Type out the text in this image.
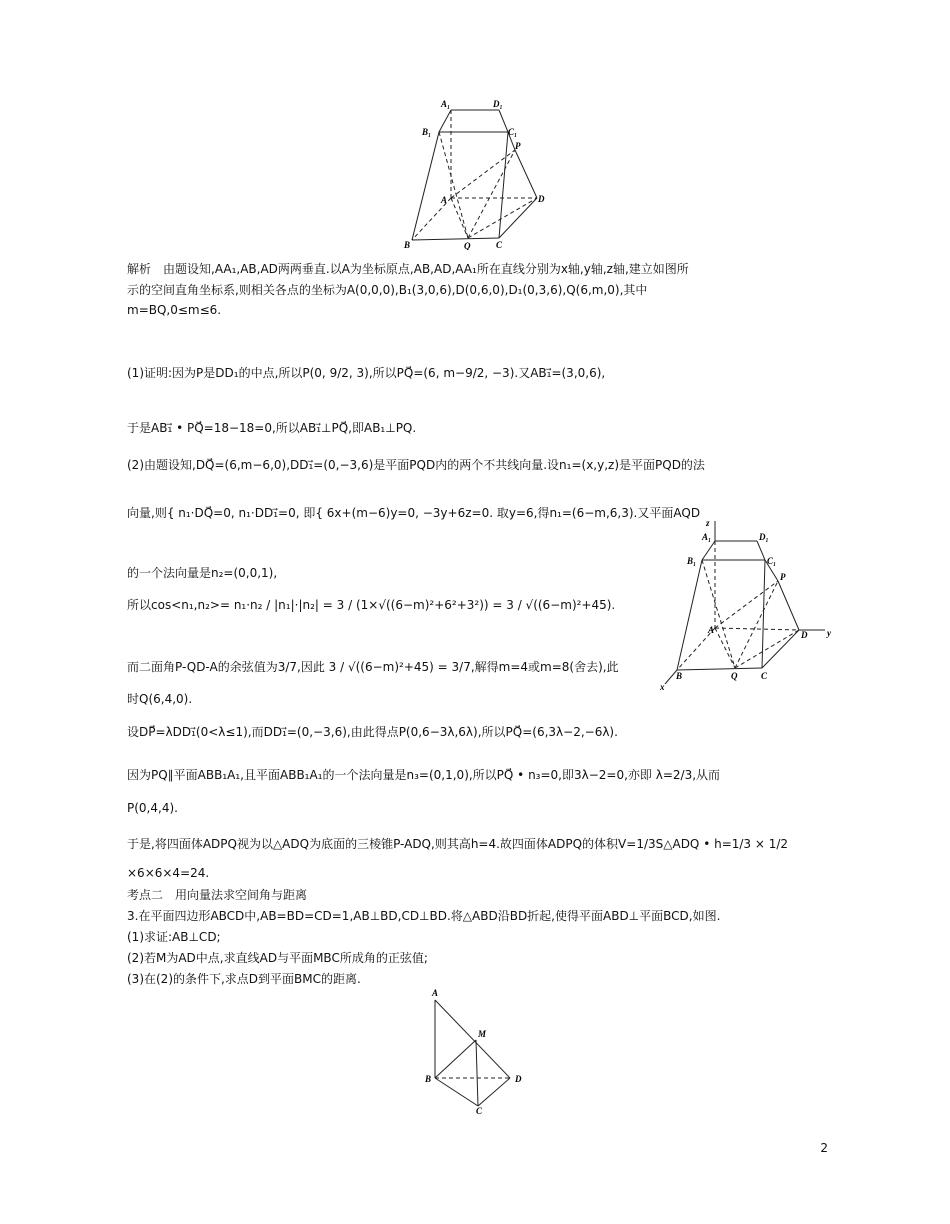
A₁	D₁
B₁	C₁
P
A	D
B	Q	C
解析　由题设知,AA₁,AB,AD两两垂直.以A为坐标原点,AB,AD,AA₁所在直线分别为x轴,y轴,z轴,建立如图所
示的空间直角坐标系,则相关各点的坐标为A(0,0,0),B₁(3,0,6),D(0,6,0),D₁(0,3,6),Q(6,m,0),其中
m=BQ,0≤m≤6.
(1)证明:因为P是DD₁的中点,所以P(0, 9/2, 3),所以PQ⃗=(6, m−9/2, −3).又AB₁⃗=(3,0,6),
于是AB₁⃗ • PQ⃗=18−18=0,所以AB₁⃗⊥PQ⃗,即AB₁⊥PQ.
(2)由题设知,DQ⃗=(6,m−6,0),DD₁⃗=(0,−3,6)是平面PQD内的两个不共线向量.设n₁=(x,y,z)是平面PQD的法
向量,则{ n₁·DQ⃗=0, n₁·DD₁⃗=0, 即{ 6x+(m−6)y=0, −3y+6z=0. 取y=6,得n₁=(6−m,6,3).又平面AQD
的一个法向量是n₂=(0,0,1),
所以cos<n₁,n₂>= n₁·n₂ / |n₁|·|n₂| = 3 / (1×√((6−m)²+6²+3²)) = 3 / √((6−m)²+45).
而二面角P-QD-A的余弦值为3/7,因此 3 / √((6−m)²+45) = 3/7,解得m=4或m=8(舍去),此
时Q(6,4,0).
设DP⃗=λDD₁⃗(0<λ≤1),而DD₁⃗=(0,−3,6),由此得点P(0,6−3λ,6λ),所以PQ⃗=(6,3λ−2,−6λ).
因为PQ∥平面ABB₁A₁,且平面ABB₁A₁的一个法向量是n₃=(0,1,0),所以PQ⃗ • n₃=0,即3λ−2=0,亦即 λ=2/3,从而
P(0,4,4).
于是,将四面体ADPQ视为以△ADQ为底面的三棱锥P-ADQ,则其高h=4.故四面体ADPQ的体积V=1/3S△ADQ • h=1/3 × 1/2
×6×6×4=24.
考点二　用向量法求空间角与距离
3.在平面四边形ABCD中,AB=BD=CD=1,AB⊥BD,CD⊥BD.将△ABD沿BD折起,使得平面ABD⊥平面BCD,如图.
(1)求证:AB⊥CD;
(2)若M为AD中点,求直线AD与平面MBC所成角的正弦值;
(3)在(2)的条件下,求点D到平面BMC的距离.
z
A₁	D₁
B₁	C₁
P
A	D y
x
B	Q	C
A
M
B	D
C
2
